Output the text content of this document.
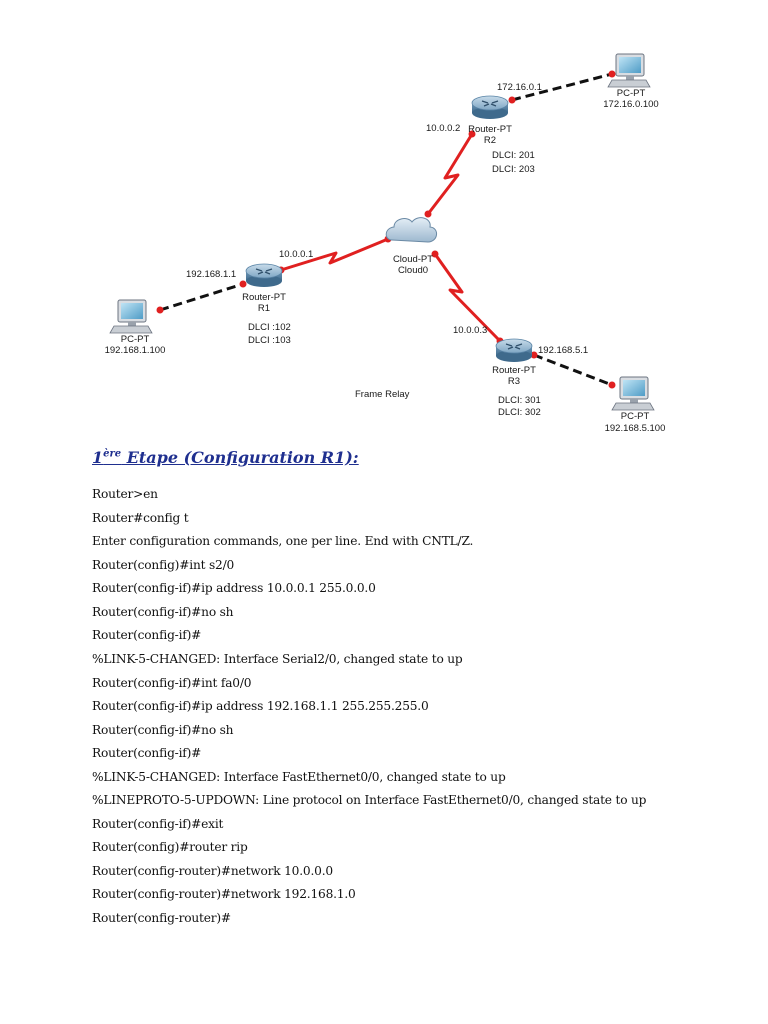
192.168.1.1
10.0.0.1
Router-PT
R1
DLCI :102
DLCI :103
PC-PT
192.168.1.100
172.16.0.1
10.0.0.2 Router-PT
R2
DLCI: 201
DLCI: 203
PC-PT
172.16.0.100
Cloud-PT
Cloud0
10.0.0.3
192.168.5.1
Router-PT
R3
DLCI: 301
DLCI: 302	PC-PT
192.168.5.100
Frame Relay
1ère Etape (Configuration R1):

Router>en

Router#config t

Enter configuration commands, one per line. End with CNTL/Z.

Router(config)#int s2/0

Router(config-if)#ip address 10.0.0.1 255.0.0.0

Router(config-if)#no sh

Router(config-if)#

%LINK-5-CHANGED: Interface Serial2/0, changed state to up

Router(config-if)#int fa0/0

Router(config-if)#ip address 192.168.1.1 255.255.255.0

Router(config-if)#no sh

Router(config-if)#

%LINK-5-CHANGED: Interface FastEthernet0/0, changed state to up

%LINEPROTO-5-UPDOWN: Line protocol on Interface FastEthernet0/0, changed state to up

Router(config-if)#exit

Router(config)#router rip

Router(config-router)#network 10.0.0.0

Router(config-router)#network 192.168.1.0

Router(config-router)#
